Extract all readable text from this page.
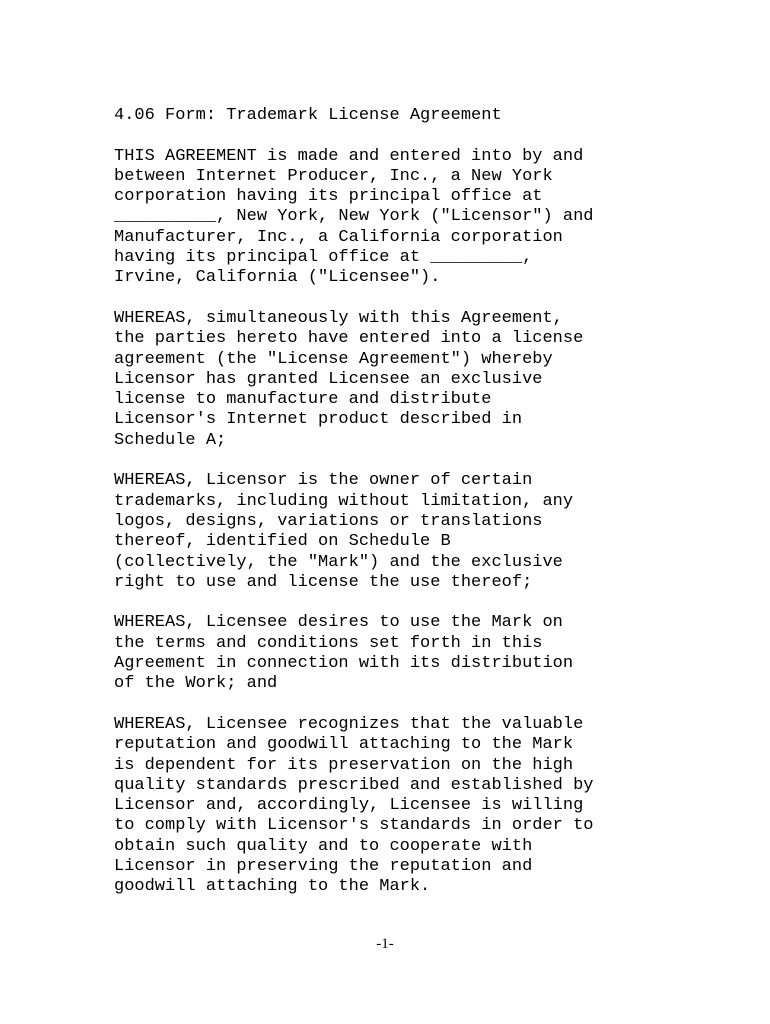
4.06 Form: Trademark License Agreement
THIS AGREEMENT is made and entered into by and
between Internet Producer, Inc., a New York
corporation having its principal office at
__________, New York, New York ("Licensor") and
Manufacturer, Inc., a California corporation
having its principal office at _________,
Irvine, California ("Licensee").
WHEREAS, simultaneously with this Agreement,
the parties hereto have entered into a license
agreement (the "License Agreement") whereby
Licensor has granted Licensee an exclusive
license to manufacture and distribute
Licensor's Internet product described in
Schedule A;
WHEREAS, Licensor is the owner of certain
trademarks, including without limitation, any
logos, designs, variations or translations
thereof, identified on Schedule B
(collectively, the "Mark") and the exclusive
right to use and license the use thereof;
WHEREAS, Licensee desires to use the Mark on
the terms and conditions set forth in this
Agreement in connection with its distribution
of the Work; and
WHEREAS, Licensee recognizes that the valuable
reputation and goodwill attaching to the Mark
is dependent for its preservation on the high
quality standards prescribed and established by
Licensor and, accordingly, Licensee is willing
to comply with Licensor's standards in order to
obtain such quality and to cooperate with
Licensor in preserving the reputation and
goodwill attaching to the Mark.
-1-
